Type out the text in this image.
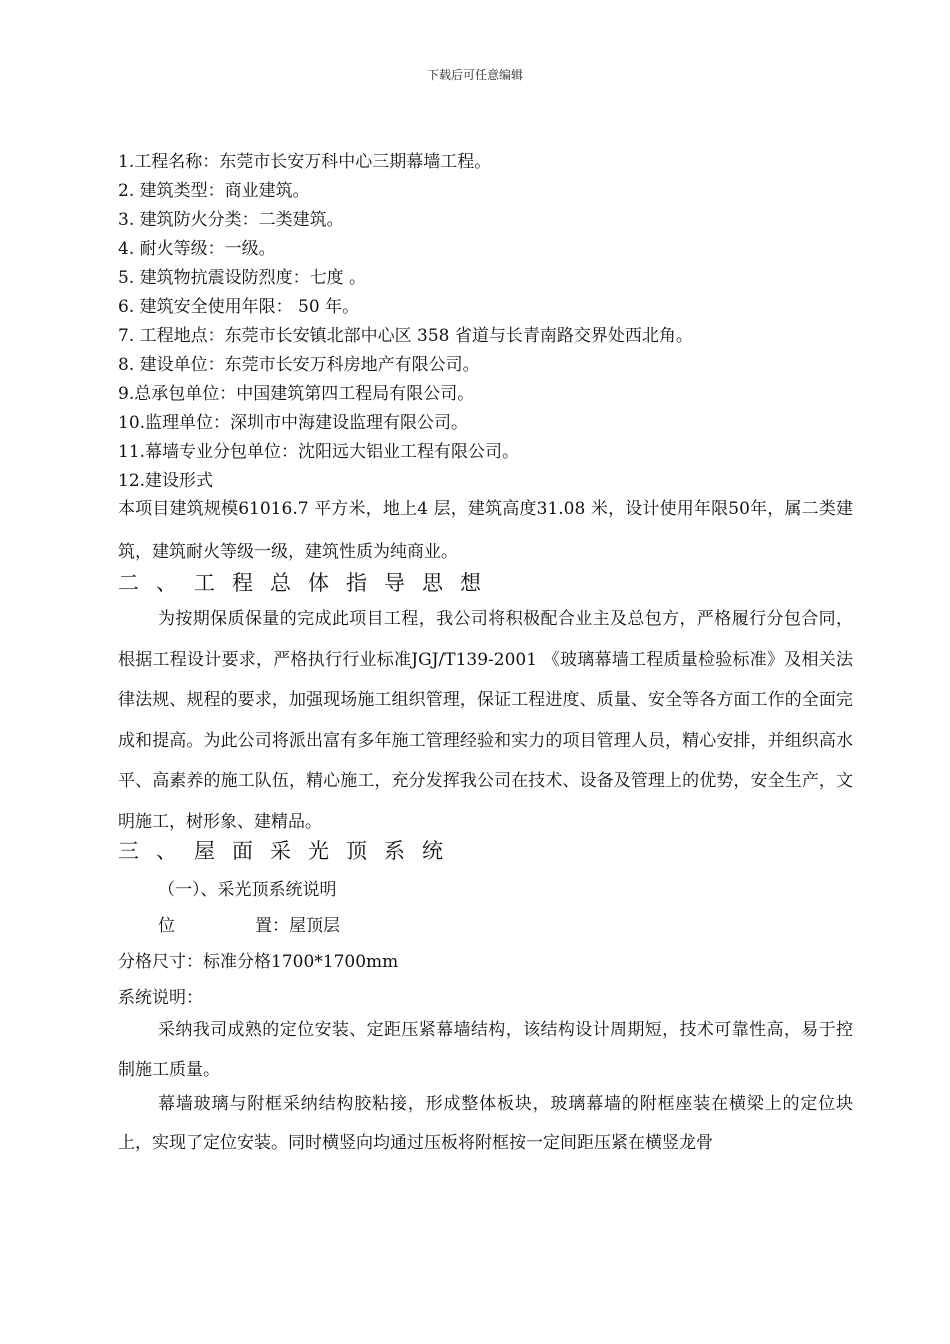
下载后可任意编辑
1.工程名称：东莞市长安万科中心三期幕墙工程。
2. 建筑类型：商业建筑。
3. 建筑防火分类：二类建筑。
4. 耐火等级：一级。
5. 建筑物抗震设防烈度：七度 。
6. 建筑安全使用年限： 50 年。
7. 工程地点：东莞市长安镇北部中心区 358 省道与长青南路交界处西北角。
8. 建设单位：东莞市长安万科房地产有限公司。
9.总承包单位：中国建筑第四工程局有限公司。
10.监理单位：深圳市中海建设监理有限公司。
11.幕墙专业分包单位：沈阳远大铝业工程有限公司。
12.建设形式
本项目建筑规模61016.7 平方米，地上4 层，建筑高度31.08 米，设计使用年限50年，属二类建筑，建筑耐火等级一级，建筑性质为纯商业。
二、工程总体指导思想
为按期保质保量的完成此项目工程，我公司将积极配合业主及总包方，严格履行分包合同，根据工程设计要求，严格执行行业标准JGJ/T139-2001 《玻璃幕墙工程质量检验标准》及相关法律法规、规程的要求，加强现场施工组织管理，保证工程进度、质量、安全等各方面工作的全面完成和提高。为此公司将派出富有多年施工管理经验和实力的项目管理人员，精心安排，并组织高水平、高素养的施工队伍，精心施工，充分发挥我公司在技术、设备及管理上的优势，安全生产，文明施工，树形象、建精品。
三、屋面采光顶系统
（一）、采光顶系统说明
位	置：屋顶层
分格尺寸：标准分格1700*1700mm
系统说明：
采纳我司成熟的定位安装、定距压紧幕墙结构，该结构设计周期短，技术可靠性高，易于控制施工质量。
幕墙玻璃与附框采纳结构胶粘接，形成整体板块，玻璃幕墙的附框座装在横梁上的定位块上，实现了定位安装。同时横竖向均通过压板将附框按一定间距压紧在横竖龙骨
